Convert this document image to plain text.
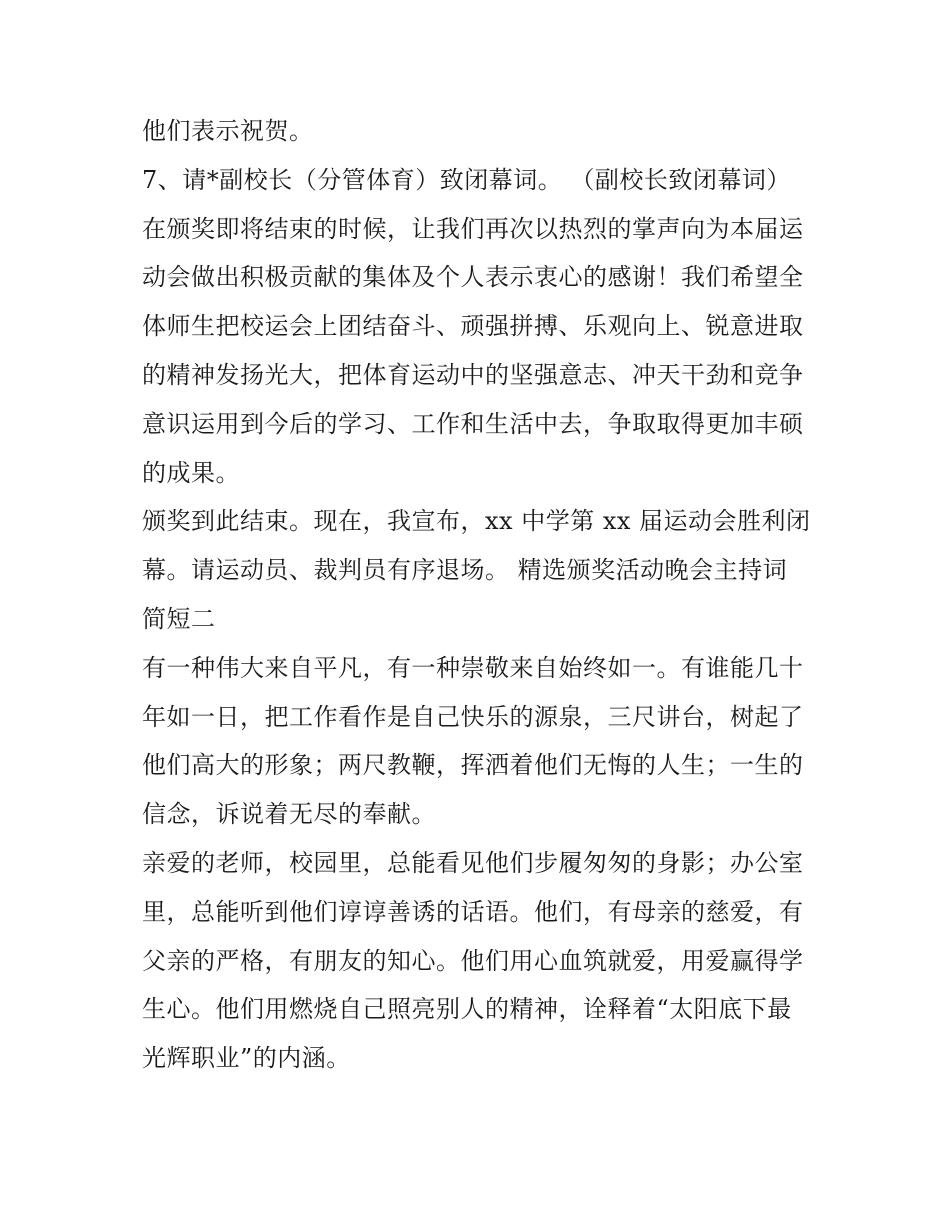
他们表示祝贺。
7、请*副校长（分管体育）致闭幕词。 （副校长致闭幕词）
在颁奖即将结束的时候，让我们再次以热烈的掌声向为本届运
动会做出积极贡献的集体及个人表示衷心的感谢！我们希望全
体师生把校运会上团结奋斗、顽强拼搏、乐观向上、锐意进取
的精神发扬光大，把体育运动中的坚强意志、冲天干劲和竞争
意识运用到今后的学习、工作和生活中去，争取取得更加丰硕
的成果。
颁奖到此结束。现在，我宣布，xx 中学第 xx 届运动会胜利闭
幕。请运动员、裁判员有序退场。 精选颁奖活动晚会主持词
简短二
有一种伟大来自平凡，有一种崇敬来自始终如一。有谁能几十
年如一日，把工作看作是自己快乐的源泉，三尺讲台，树起了
他们高大的形象；两尺教鞭，挥洒着他们无悔的人生；一生的
信念，诉说着无尽的奉献。
亲爱的老师，校园里，总能看见他们步履匆匆的身影；办公室
里，总能听到他们谆谆善诱的话语。他们，有母亲的慈爱，有
父亲的严格，有朋友的知心。他们用心血筑就爱，用爱赢得学
生心。他们用燃烧自己照亮别人的精神，诠释着“太阳底下最
光辉职业”的内涵。
